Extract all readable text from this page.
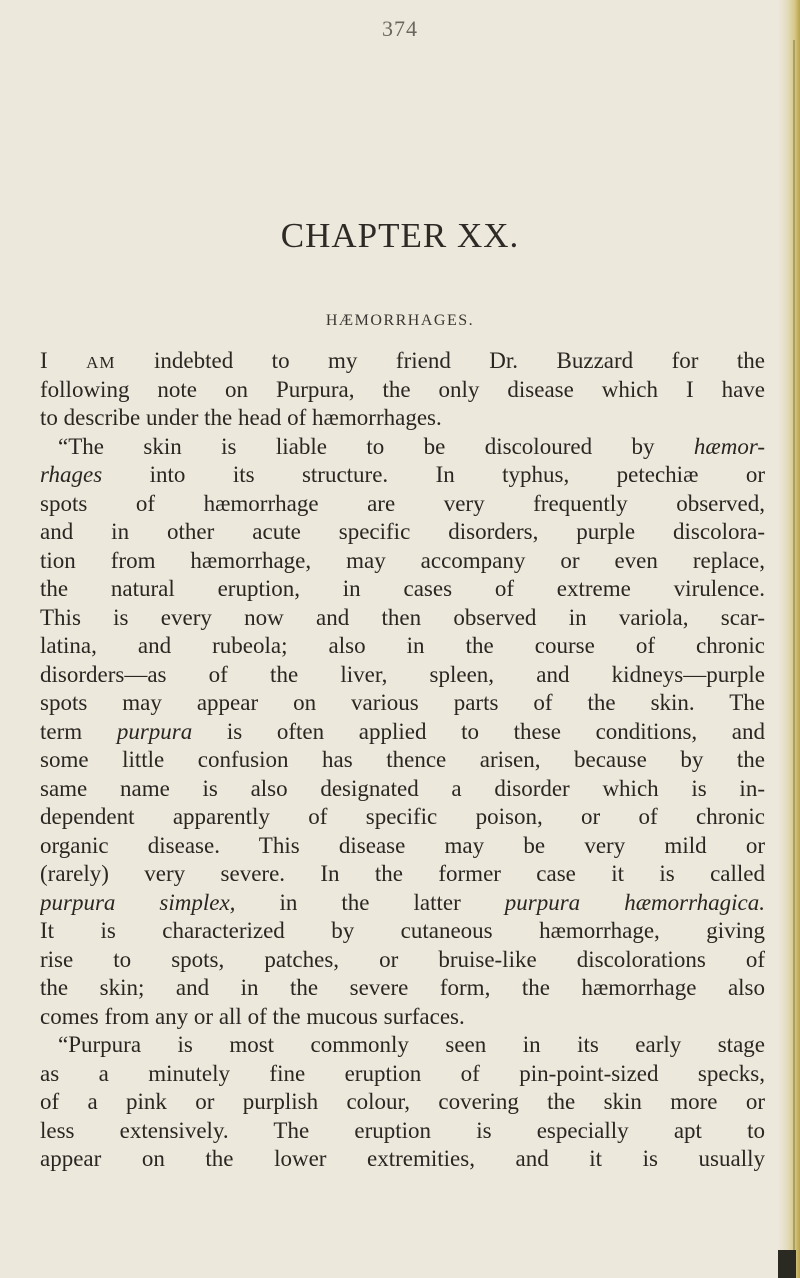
374
CHAPTER XX.
HÆMORRHAGES.
I AM indebted to my friend Dr. Buzzard for the
following note on Purpura, the only disease which I have
to describe under the head of hæmorrhages.
“The skin is liable to be discoloured by hæmor-
rhages into its structure. In typhus, petechiæ or
spots of hæmorrhage are very frequently observed,
and in other acute specific disorders, purple discolora-
tion from hæmorrhage, may accompany or even replace,
the natural eruption, in cases of extreme virulence.
This is every now and then observed in variola, scar-
latina, and rubeola; also in the course of chronic
disorders—as of the liver, spleen, and kidneys—purple
spots may appear on various parts of the skin. The
term purpura is often applied to these conditions, and
some little confusion has thence arisen, because by the
same name is also designated a disorder which is in-
dependent apparently of specific poison, or of chronic
organic disease. This disease may be very mild or
(rarely) very severe. In the former case it is called
purpura simplex, in the latter purpura hæmorrhagica.
It is characterized by cutaneous hæmorrhage, giving
rise to spots, patches, or bruise-like discolorations of
the skin; and in the severe form, the hæmorrhage also
comes from any or all of the mucous surfaces.
“Purpura is most commonly seen in its early stage
as a minutely fine eruption of pin-point-sized specks,
of a pink or purplish colour, covering the skin more or
less extensively. The eruption is especially apt to
appear on the lower extremities, and it is usually
